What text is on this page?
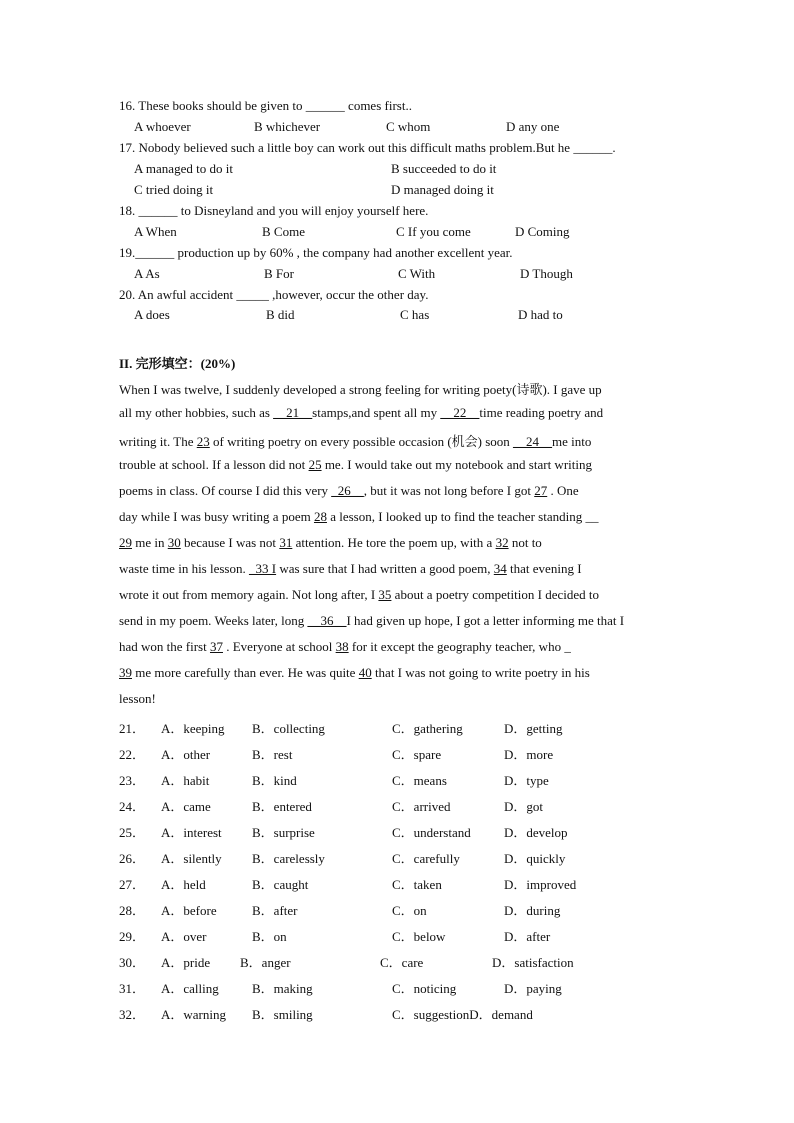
16. These books should be given to ______ comes first..
A whoever	B whichever	C whom	D any one
17. Nobody believed such a little boy can work out this difficult maths problem.But he ______.
A managed to do it	B succeeded to do it
C tried doing it	D managed doing it
18. ______ to Disneyland and you will enjoy yourself here.
A When	B Come	C If you come	D Coming
19.______ production up by 60% , the company had another excellent year.
A As	B For	C With	D Though
20. An awful accident _____ ,however, occur the other day.
A does	B did	C has	D had to
II. 完形填空：(20%)
When I was twelve, I suddenly developed a strong feeling for writing poety(诗歌). I gave up
all my other hobbies, such as __21__stamps,and spent all my __22__time reading poetry and
writing it. The 23 of writing poetry on every possible occasion (机会) soon __24__me into
trouble at school. If a lesson did not 25 me. I would take out my notebook and start writing
poems in class. Of course I did this very _26__, but it was not long before I got 27 . One
day while I was busy writing a poem 28 a lesson, I looked up to find the teacher standing __
29 me in 30 because I was not 31 attention. He tore the poem up, with a 32 not to
waste time in his lesson. _33 I was sure that I had written a good poem, 34 that evening I
wrote it out from memory again. Not long after, I 35 about a poetry competition I decided to
send in my poem. Weeks later, long __36__I had given up hope, I got a letter informing me that I
had won the first 37 . Everyone at school 38 for it except the geography teacher, who _
39 me more carefully than ever. He was quite 40 that I was not going to write poetry in his
lesson!
21． A．keeping B．collecting	C．gathering	D．getting
22． A．other	B．rest	C．spare	D．more
23． A．habit	B．kind	C．means	D．type
24． A．came	B．entered	C．arrived	D．got
25． A．interest B．surprise	C．understand	D．develop
26． A．silently B．carelessly	C．carefully	D．quickly
27． A．held	B．caught	C．taken	D．improved
28． A．before	B．after	C．on	D．during
29． A．over	B．on	C．below	D．after
30． A．pride B．anger	C．care	D．satisfaction
31． A．calling	B．making	C．noticing	D．paying
32． A．warning B．smiling	C．suggestionD．demand
